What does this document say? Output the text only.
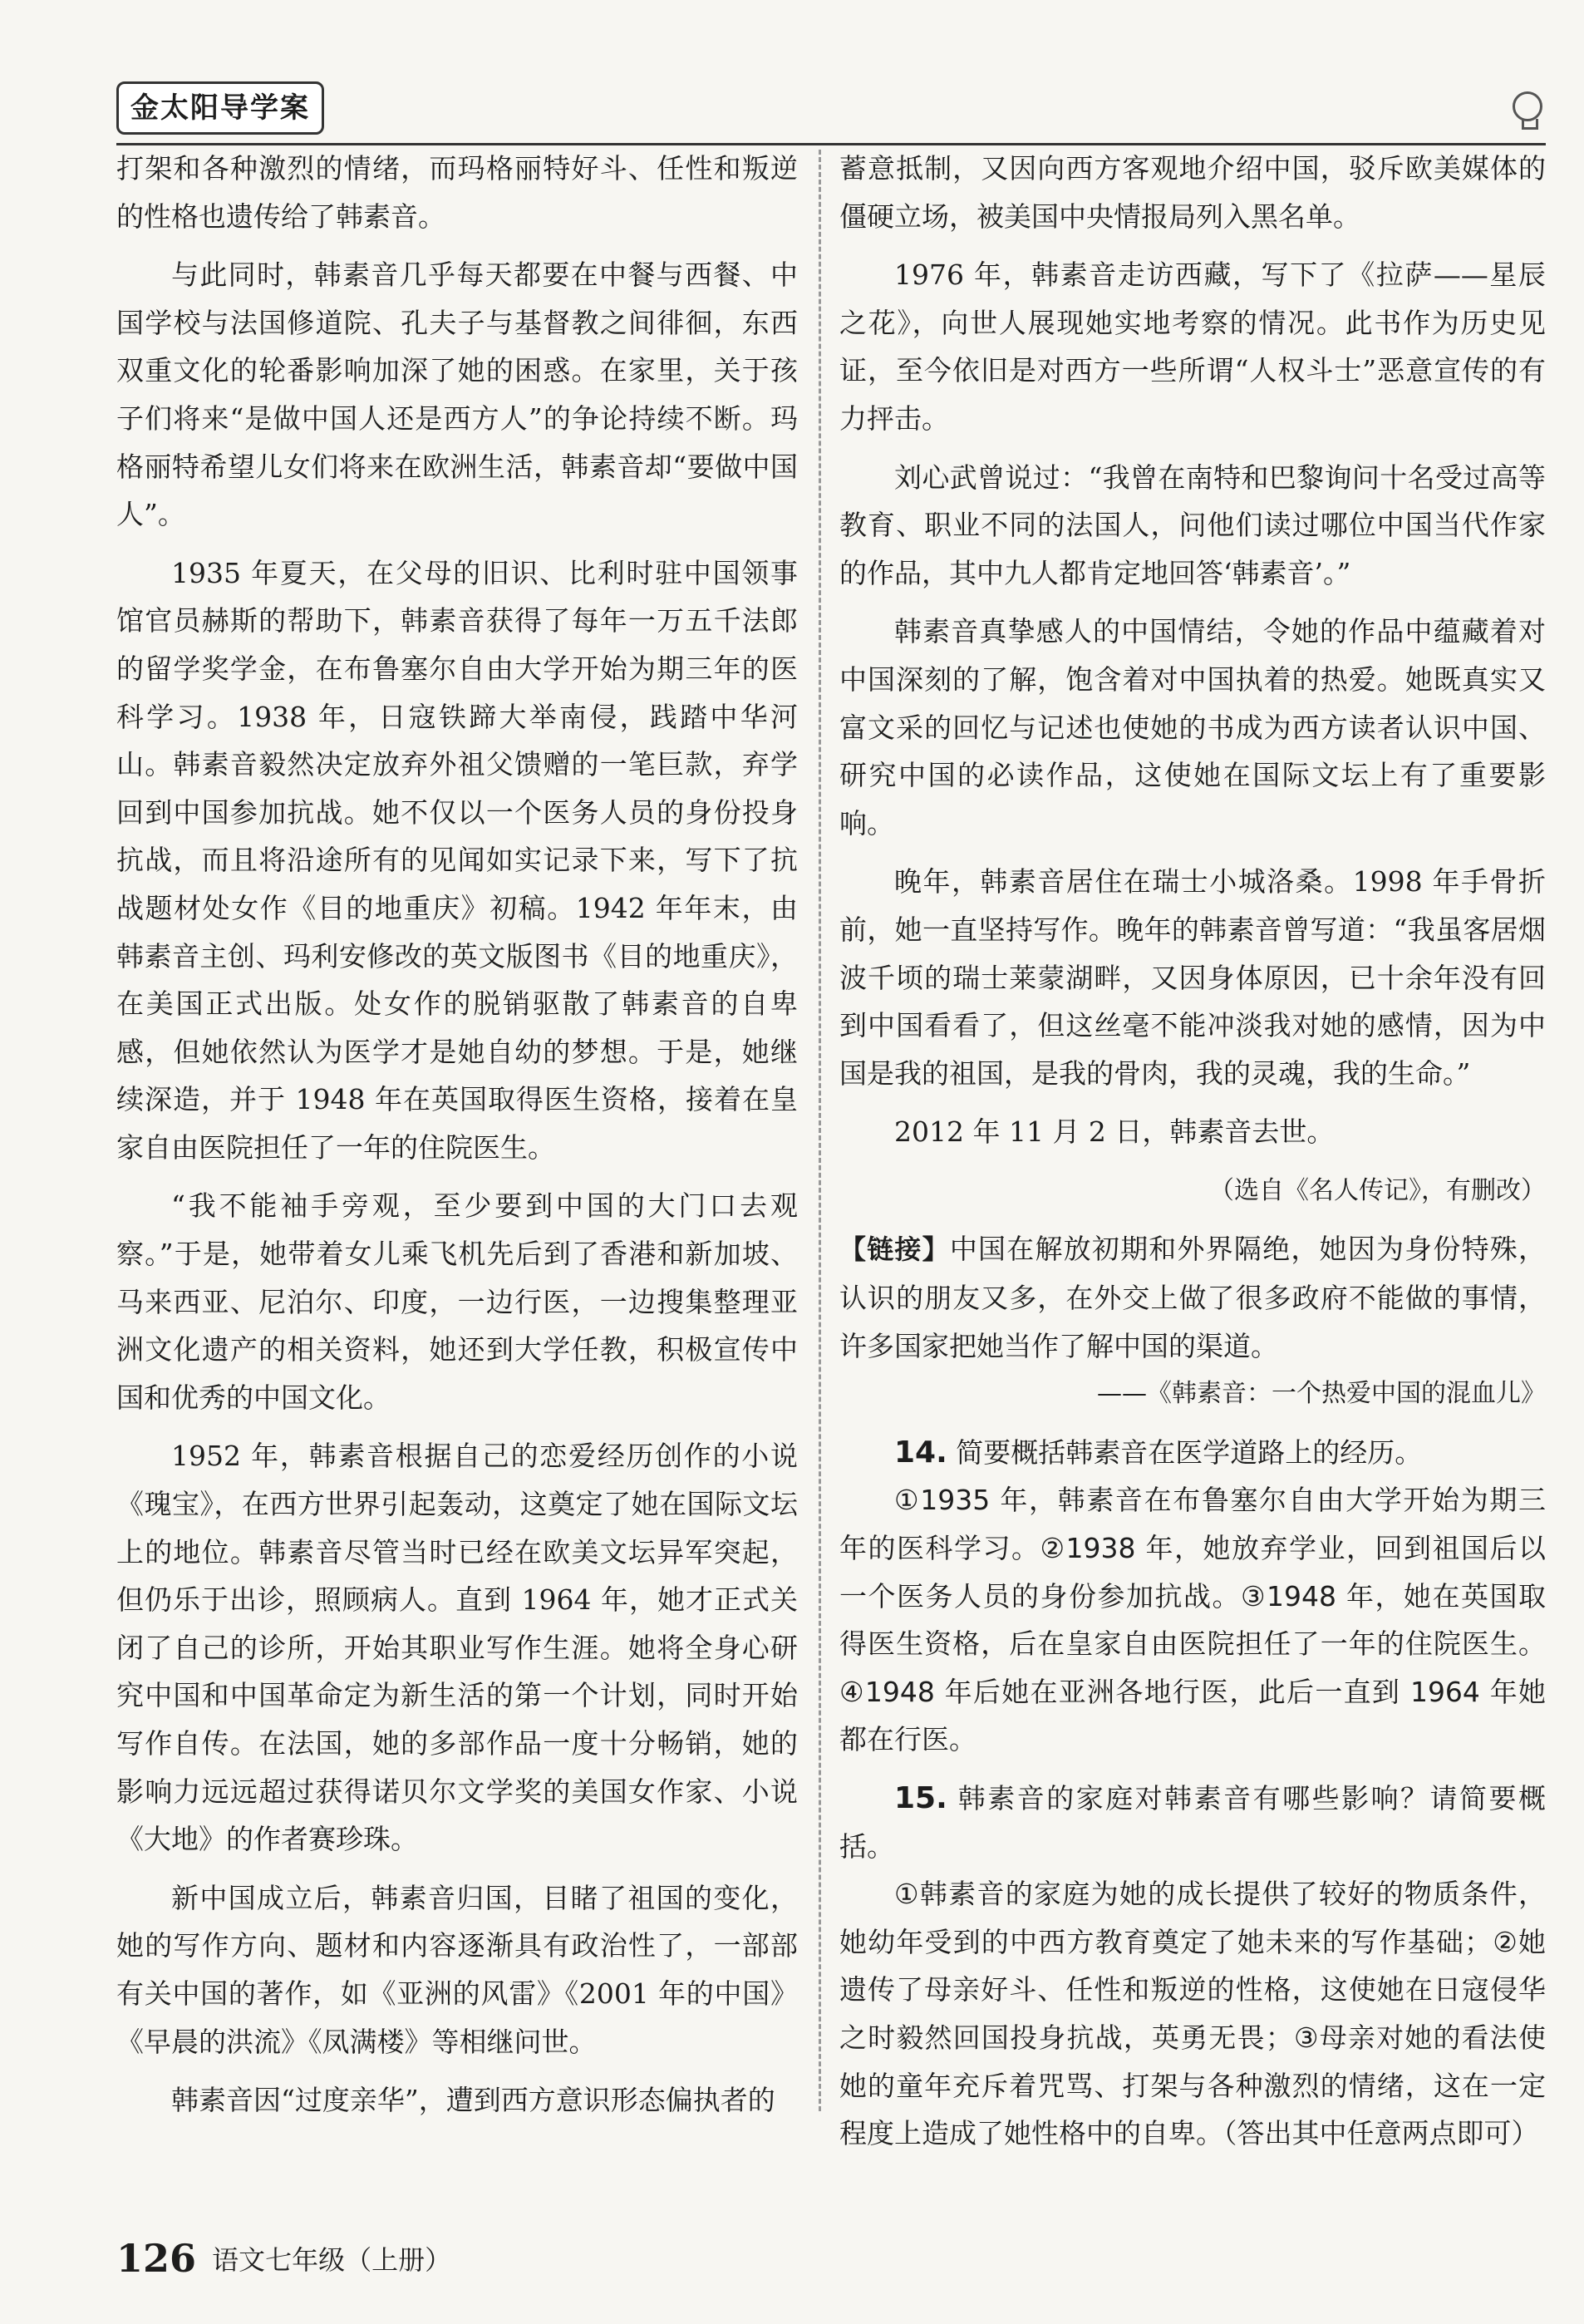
金太阳导学案

打架和各种激烈的情绪，而玛格丽特好斗、任性和叛逆的性格也遗传给了韩素音。

与此同时，韩素音几乎每天都要在中餐与西餐、中国学校与法国修道院、孔夫子与基督教之间徘徊，东西双重文化的轮番影响加深了她的困惑。在家里，关于孩子们将来“是做中国人还是西方人”的争论持续不断。玛格丽特希望儿女们将来在欧洲生活，韩素音却“要做中国人”。

1935 年夏天，在父母的旧识、比利时驻中国领事馆官员赫斯的帮助下，韩素音获得了每年一万五千法郎的留学奖学金，在布鲁塞尔自由大学开始为期三年的医科学习。1938 年，日寇铁蹄大举南侵，践踏中华河山。韩素音毅然决定放弃外祖父馈赠的一笔巨款，弃学回到中国参加抗战。她不仅以一个医务人员的身份投身抗战，而且将沿途所有的见闻如实记录下来，写下了抗战题材处女作《目的地重庆》初稿。1942 年年末，由韩素音主创、玛利安修改的英文版图书《目的地重庆》，在美国正式出版。处女作的脱销驱散了韩素音的自卑感，但她依然认为医学才是她自幼的梦想。于是，她继续深造，并于 1948 年在英国取得医生资格，接着在皇家自由医院担任了一年的住院医生。

“我不能袖手旁观，至少要到中国的大门口去观察。”于是，她带着女儿乘飞机先后到了香港和新加坡、马来西亚、尼泊尔、印度，一边行医，一边搜集整理亚洲文化遗产的相关资料，她还到大学任教，积极宣传中国和优秀的中国文化。

1952 年，韩素音根据自己的恋爱经历创作的小说《瑰宝》，在西方世界引起轰动，这奠定了她在国际文坛上的地位。韩素音尽管当时已经在欧美文坛异军突起，但仍乐于出诊，照顾病人。直到 1964 年，她才正式关闭了自己的诊所，开始其职业写作生涯。她将全身心研究中国和中国革命定为新生活的第一个计划，同时开始写作自传。在法国，她的多部作品一度十分畅销，她的影响力远远超过获得诺贝尔文学奖的美国女作家、小说《大地》的作者赛珍珠。

新中国成立后，韩素音归国，目睹了祖国的变化，她的写作方向、题材和内容逐渐具有政治性了，一部部有关中国的著作，如《亚洲的风雷》《2001 年的中国》《早晨的洪流》《凤满楼》等相继问世。

韩素音因“过度亲华”，遭到西方意识形态偏执者的

蓄意抵制，又因向西方客观地介绍中国，驳斥欧美媒体的僵硬立场，被美国中央情报局列入黑名单。

1976 年，韩素音走访西藏，写下了《拉萨——星辰之花》，向世人展现她实地考察的情况。此书作为历史见证，至今依旧是对西方一些所谓“人权斗士”恶意宣传的有力抨击。

刘心武曾说过：“我曾在南特和巴黎询问十名受过高等教育、职业不同的法国人，问他们读过哪位中国当代作家的作品，其中九人都肯定地回答‘韩素音’。”

韩素音真挚感人的中国情结，令她的作品中蕴藏着对中国深刻的了解，饱含着对中国执着的热爱。她既真实又富文采的回忆与记述也使她的书成为西方读者认识中国、研究中国的必读作品，这使她在国际文坛上有了重要影响。

晚年，韩素音居住在瑞士小城洛桑。1998 年手骨折前，她一直坚持写作。晚年的韩素音曾写道：“我虽客居烟波千顷的瑞士莱蒙湖畔，又因身体原因，已十余年没有回到中国看看了，但这丝毫不能冲淡我对她的感情，因为中国是我的祖国，是我的骨肉，我的灵魂，我的生命。”

2012 年 11 月 2 日，韩素音去世。

（选自《名人传记》，有删改）

【链接】中国在解放初期和外界隔绝，她因为身份特殊，认识的朋友又多，在外交上做了很多政府不能做的事情，许多国家把她当作了解中国的渠道。

——《韩素音：一个热爱中国的混血儿》

14. 简要概括韩素音在医学道路上的经历。

①1935 年，韩素音在布鲁塞尔自由大学开始为期三年的医科学习。②1938 年，她放弃学业，回到祖国后以一个医务人员的身份参加抗战。③1948 年，她在英国取得医生资格，后在皇家自由医院担任了一年的住院医生。④1948 年后她在亚洲各地行医，此后一直到 1964 年她都在行医。

15. 韩素音的家庭对韩素音有哪些影响？请简要概括。

①韩素音的家庭为她的成长提供了较好的物质条件，她幼年受到的中西方教育奠定了她未来的写作基础；②她遗传了母亲好斗、任性和叛逆的性格，这使她在日寇侵华之时毅然回国投身抗战，英勇无畏；③母亲对她的看法使她的童年充斥着咒骂、打架与各种激烈的情绪，这在一定程度上造成了她性格中的自卑。（答出其中任意两点即可）

126 语文七年级（上册）
